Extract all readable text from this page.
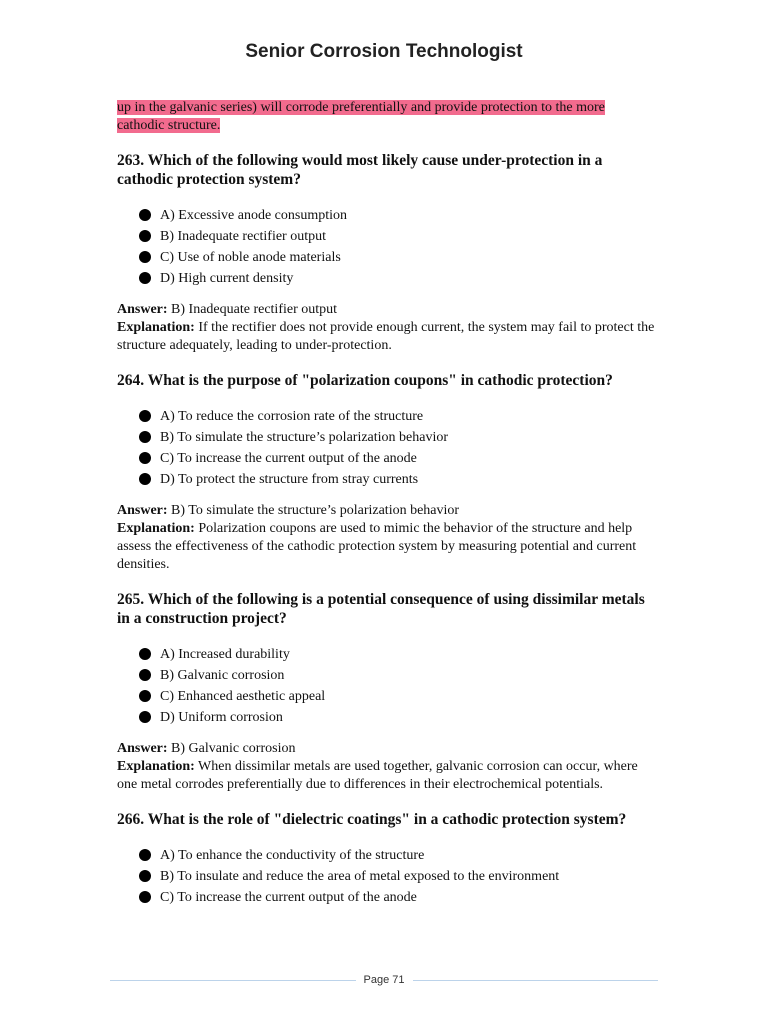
Senior Corrosion Technologist

up in the galvanic series) will corrode preferentially and provide protection to the more
cathodic structure.

263. Which of the following would most likely cause under-protection in a cathodic protection system?

A) Excessive anode consumption
B) Inadequate rectifier output
C) Use of noble anode materials
D) High current density
Answer: B) Inadequate rectifier output
Explanation: If the rectifier does not provide enough current, the system may fail to protect the structure adequately, leading to under-protection.

264. What is the purpose of "polarization coupons" in cathodic protection?

A) To reduce the corrosion rate of the structure
B) To simulate the structure’s polarization behavior
C) To increase the current output of the anode
D) To protect the structure from stray currents
Answer: B) To simulate the structure’s polarization behavior
Explanation: Polarization coupons are used to mimic the behavior of the structure and help assess the effectiveness of the cathodic protection system by measuring potential and current densities.

265. Which of the following is a potential consequence of using dissimilar metals in a construction project?

A) Increased durability
B) Galvanic corrosion
C) Enhanced aesthetic appeal
D) Uniform corrosion
Answer: B) Galvanic corrosion
Explanation: When dissimilar metals are used together, galvanic corrosion can occur, where one metal corrodes preferentially due to differences in their electrochemical potentials.

266. What is the role of "dielectric coatings" in a cathodic protection system?

A) To enhance the conductivity of the structure
B) To insulate and reduce the area of metal exposed to the environment
C) To increase the current output of the anode
Page 71
